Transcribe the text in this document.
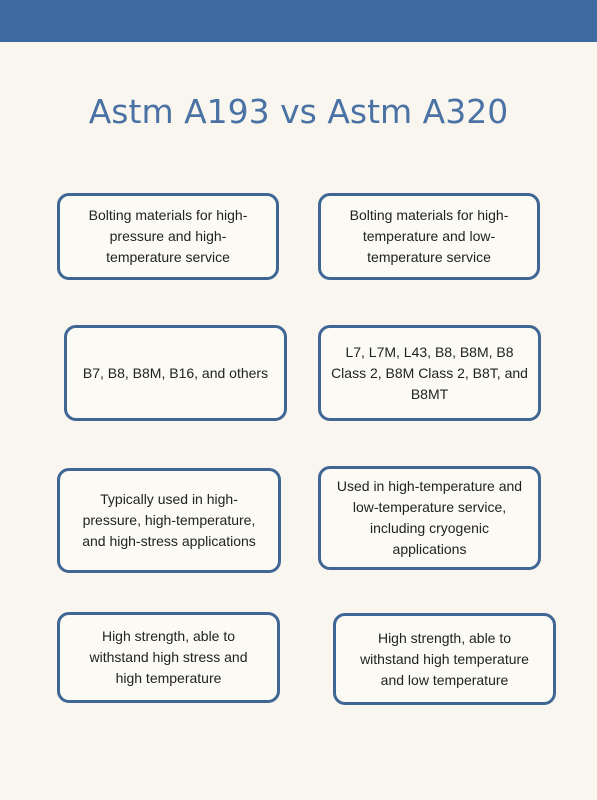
Astm A193 vs Astm A320
Bolting materials for high-pressure and high-temperature service
Bolting materials for high-temperature and low-temperature service
B7, B8, B8M, B16, and others
L7, L7M, L43, B8, B8M, B8 Class 2, B8M Class 2, B8T, and B8MT
Typically used in high-pressure, high-temperature, and high-stress applications
Used in high-temperature and low-temperature service, including cryogenic applications
High strength, able to withstand high stress and high temperature
High strength, able to withstand high temperature and low temperature
